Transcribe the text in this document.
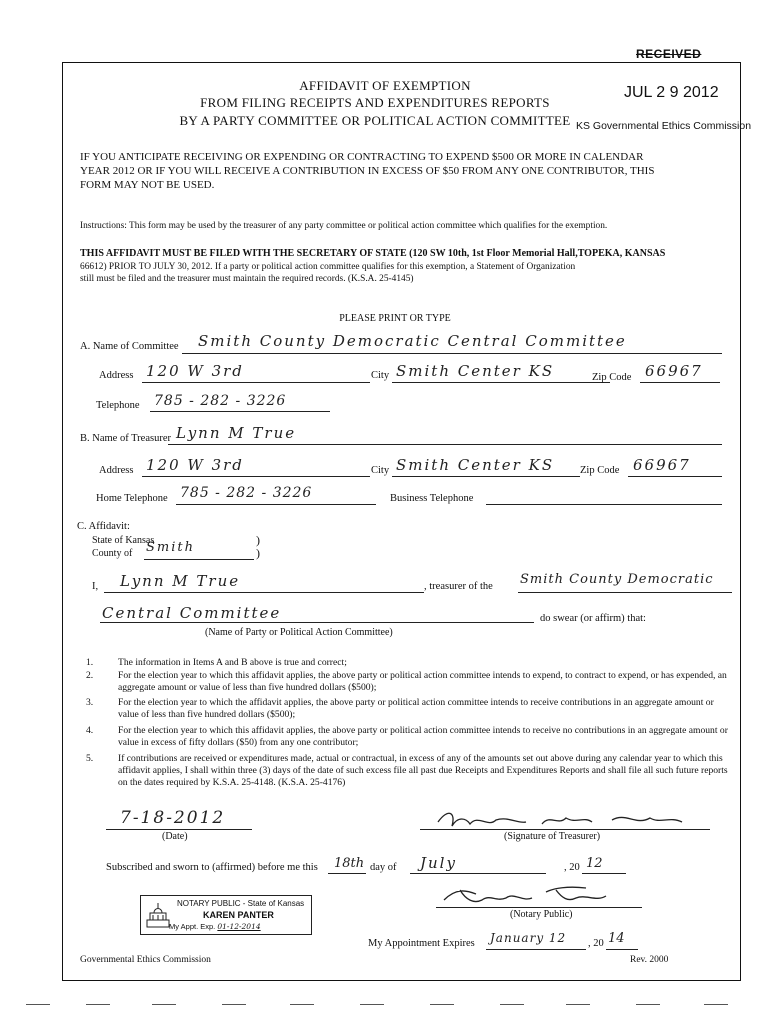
RECEIVED
JUL 2 9 2012
KS Governmental Ethics Commission
AFFIDAVIT OF EXEMPTION
FROM FILING RECEIPTS AND EXPENDITURES REPORTS
BY A PARTY COMMITTEE OR POLITICAL ACTION COMMITTEE
IF YOU ANTICIPATE RECEIVING OR EXPENDING OR CONTRACTING TO EXPEND $500 OR MORE IN CALENDAR
YEAR 2012 OR IF YOU WILL RECEIVE A CONTRIBUTION IN EXCESS OF $50 FROM ANY ONE CONTRIBUTOR, THIS
FORM MAY NOT BE USED.
Instructions: This form may be used by the treasurer of any party committee or political action committee which qualifies for the exemption.
THIS AFFIDAVIT MUST BE FILED WITH THE SECRETARY OF STATE (120 SW 10th, 1st Floor Memorial Hall,TOPEKA, KANSAS
66612) PRIOR TO JULY 30, 2012. If a party or political action committee qualifies for this exemption, a Statement of Organization
still must be filed and the treasurer must maintain the required records. (K.S.A. 25-4145)
PLEASE PRINT OR TYPE
A. Name of Committee Smith County Democratic Central Committee
Address 120 W 3rd	City Smith Center KS	Zip Code 66967
Telephone 785 - 282 - 3226
B. Name of Treasurer Lynn M True
Address 120 W 3rd	City Smith Center KS Zip Code 66967
Home Telephone 785 - 282 - 3226	Business Telephone
C. Affidavit:
State of Kansas	)
County of Smith	)
I, Lynn M True	, treasurer of the Smith County Democratic
Central Committee	do swear (or affirm) that:
(Name of Party or Political Action Committee)
1.	The information in Items A and B above is true and correct;
2.	For the election year to which this affidavit applies, the above party or political action committee intends to expend, to contract to expend, or has expended, an aggregate amount or value of less than five hundred dollars ($500);
3.	For the election year to which the affidavit applies, the above party or political action committee intends to receive contributions in an aggregate amount or value of less than five hundred dollars ($500);
4.	For the election year to which this affidavit applies, the above party or political action committee intends to receive no contributions in an aggregate amount or value in excess of fifty dollars ($50) from any one contributor;
5.	If contributions are received or expenditures made, actual or contractual, in excess of any of the amounts set out above during any calendar year to which this affidavit applies, I shall within three (3) days of the date of such excess file all past due Receipts and Expenditures Reports and shall file all such future reports on the dates required by K.S.A. 25-4148. (K.S.A. 25-4176)
7-18-2012
(Date)	(Signature of Treasurer)
Subscribed and sworn to (affirmed) before me this 18th day of July	, 20 12
NOTARY PUBLIC - State of Kansas
KAREN PANTER
My Appt. Exp. 01-12-2014
(Notary Public)
My Appointment Expires January 12 , 20 14
Governmental Ethics Commission	Rev. 2000
